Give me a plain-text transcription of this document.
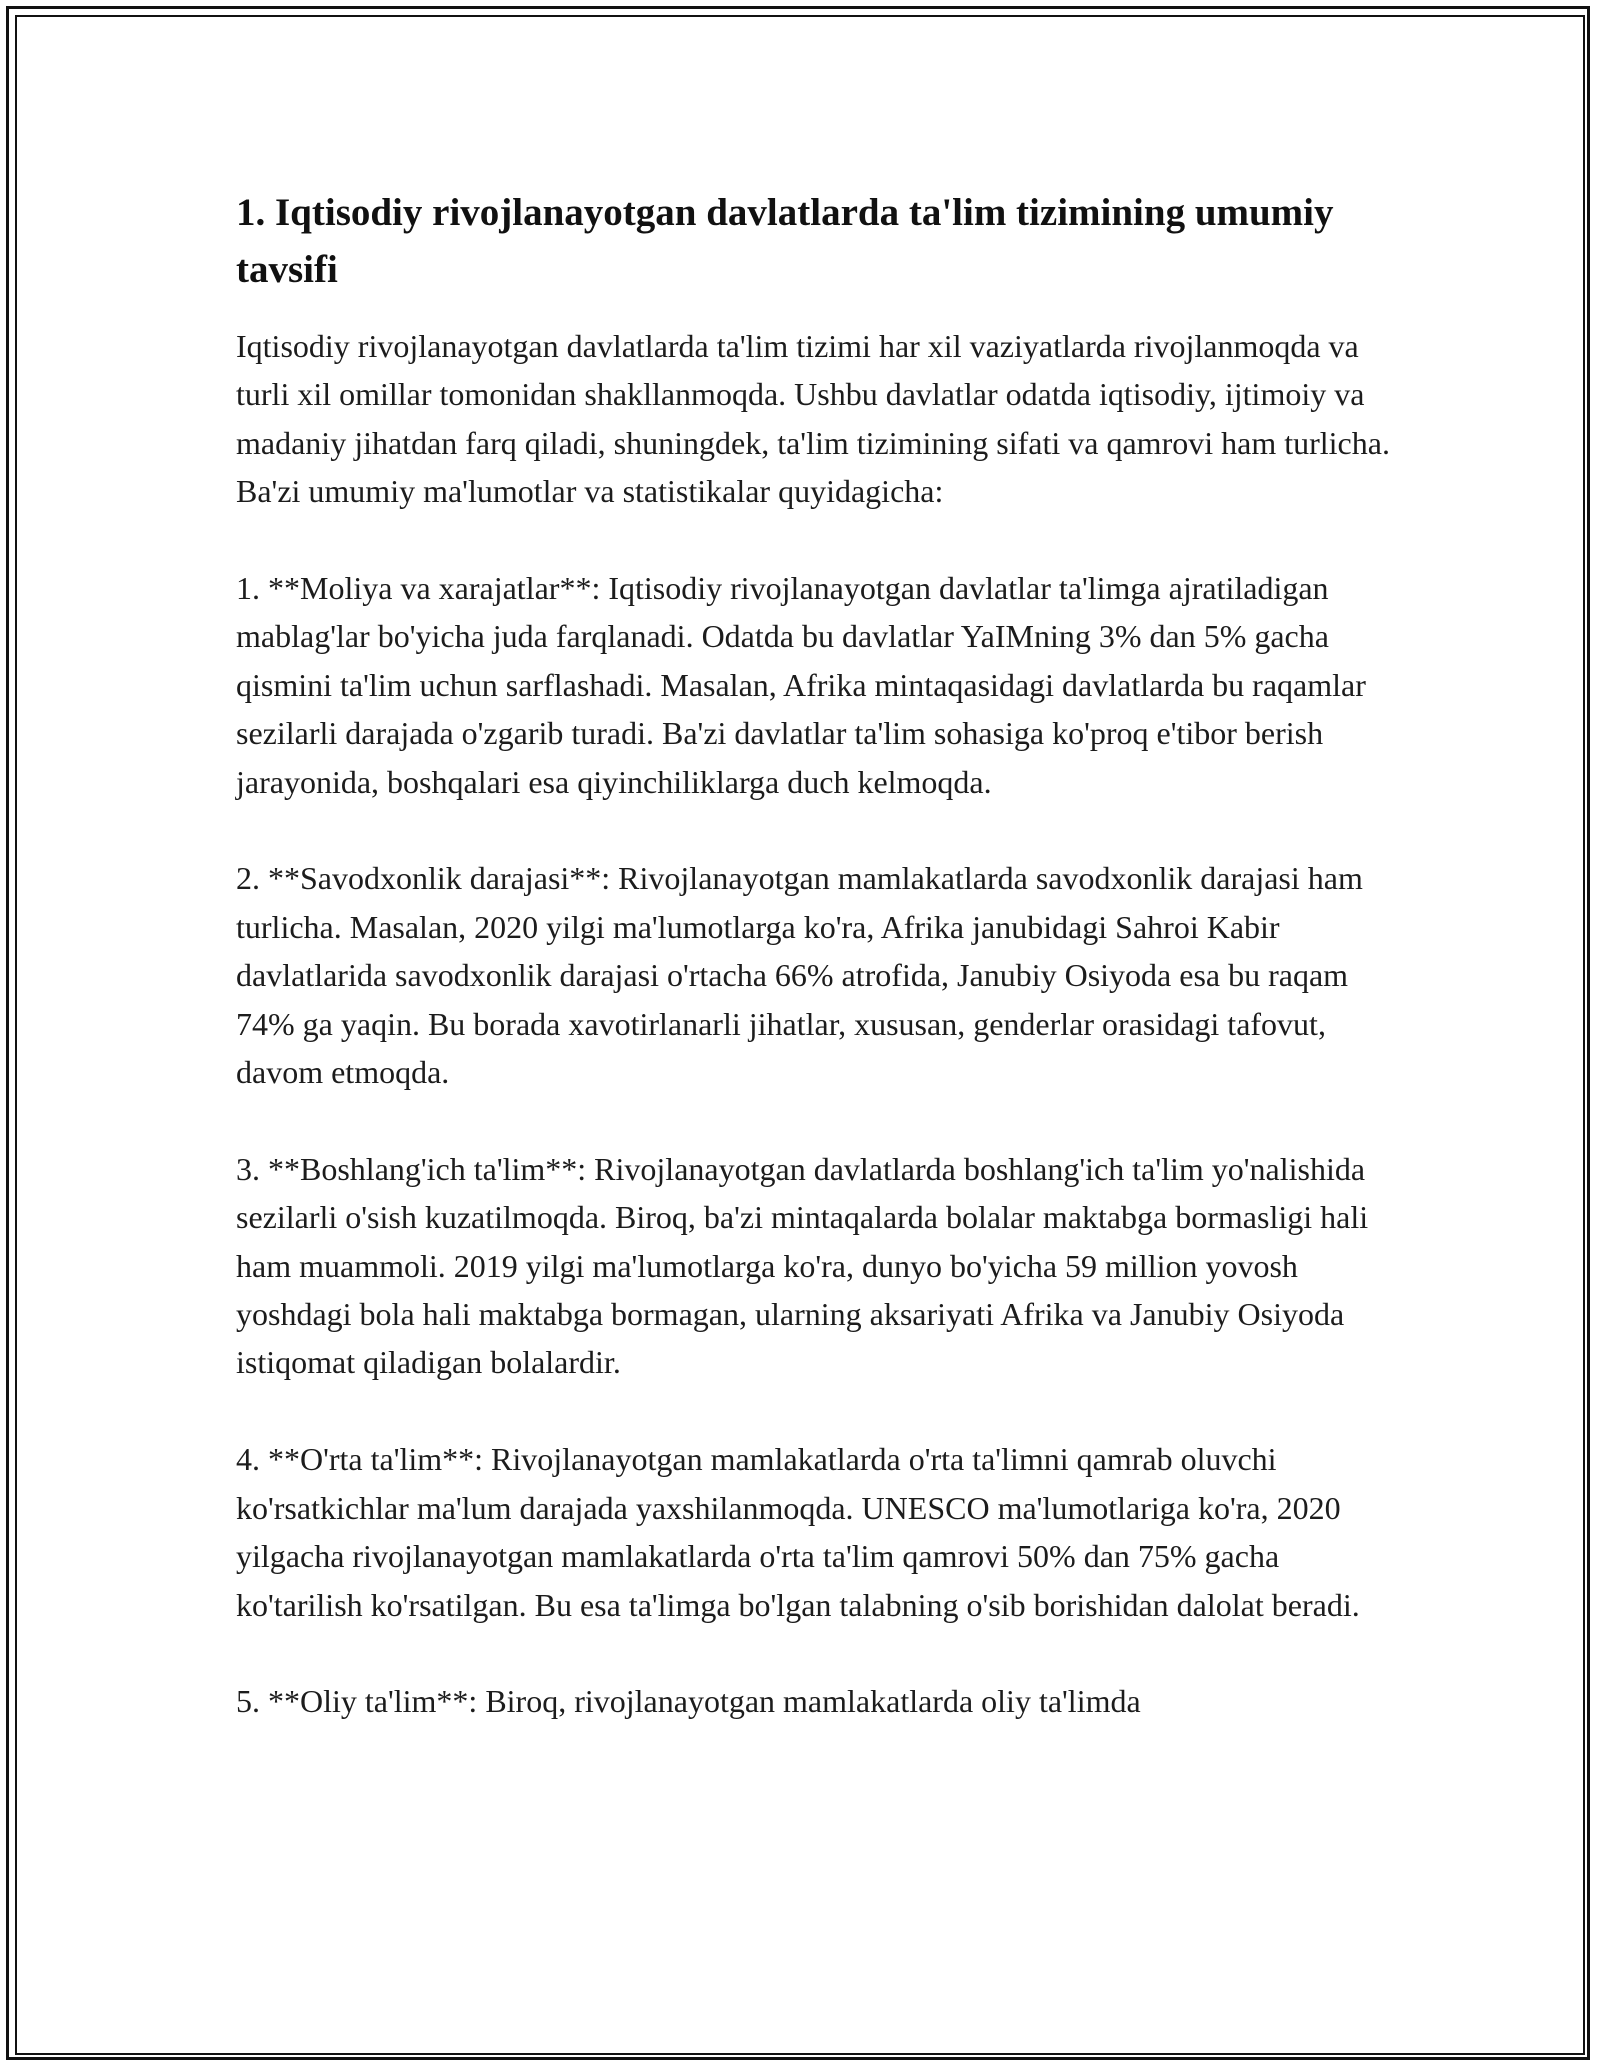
1. Iqtisodiy rivojlanayotgan davlatlarda ta'lim tizimining umumiy tavsifi

Iqtisodiy rivojlanayotgan davlatlarda ta'lim tizimi har xil vaziyatlarda rivojlanmoqda va turli xil omillar tomonidan shakllanmoqda. Ushbu davlatlar odatda iqtisodiy, ijtimoiy va madaniy jihatdan farq qiladi, shuningdek, ta'lim tizimining sifati va qamrovi ham turlicha. Ba'zi umumiy ma'lumotlar va statistikalar quyidagicha:

1. **Moliya va xarajatlar**: Iqtisodiy rivojlanayotgan davlatlar ta'limga ajratiladigan mablag'lar bo'yicha juda farqlanadi. Odatda bu davlatlar YaIMning 3% dan 5% gacha qismini ta'lim uchun sarflashadi. Masalan, Afrika mintaqasidagi davlatlarda bu raqamlar sezilarli darajada o'zgarib turadi. Ba'zi davlatlar ta'lim sohasiga ko'proq e'tibor berish jarayonida, boshqalari esa qiyinchiliklarga duch kelmoqda.

2. **Savodxonlik darajasi**: Rivojlanayotgan mamlakatlarda savodxonlik darajasi ham turlicha. Masalan, 2020 yilgi ma'lumotlarga ko'ra, Afrika janubidagi Sahroi Kabir davlatlarida savodxonlik darajasi o'rtacha 66% atrofida, Janubiy Osiyoda esa bu raqam 74% ga yaqin. Bu borada xavotirlanarli jihatlar, xususan, genderlar orasidagi tafovut, davom etmoqda.

3. **Boshlang'ich ta'lim**: Rivojlanayotgan davlatlarda boshlang'ich ta'lim yo'nalishida sezilarli o'sish kuzatilmoqda. Biroq, ba'zi mintaqalarda bolalar maktabga bormasligi hali ham muammoli. 2019 yilgi ma'lumotlarga ko'ra, dunyo bo'yicha 59 million yovosh yoshdagi bola hali maktabga bormagan, ularning aksariyati Afrika va Janubiy Osiyoda istiqomat qiladigan bolalardir.

4. **O'rta ta'lim**: Rivojlanayotgan mamlakatlarda o'rta ta'limni qamrab oluvchi ko'rsatkichlar ma'lum darajada yaxshilanmoqda. UNESCO ma'lumotlariga ko'ra, 2020 yilgacha rivojlanayotgan mamlakatlarda o'rta ta'lim qamrovi 50% dan 75% gacha ko'tarilish ko'rsatilgan. Bu esa ta'limga bo'lgan talabning o'sib borishidan dalolat beradi.

5. **Oliy ta'lim**: Biroq, rivojlanayotgan mamlakatlarda oliy ta'limda
